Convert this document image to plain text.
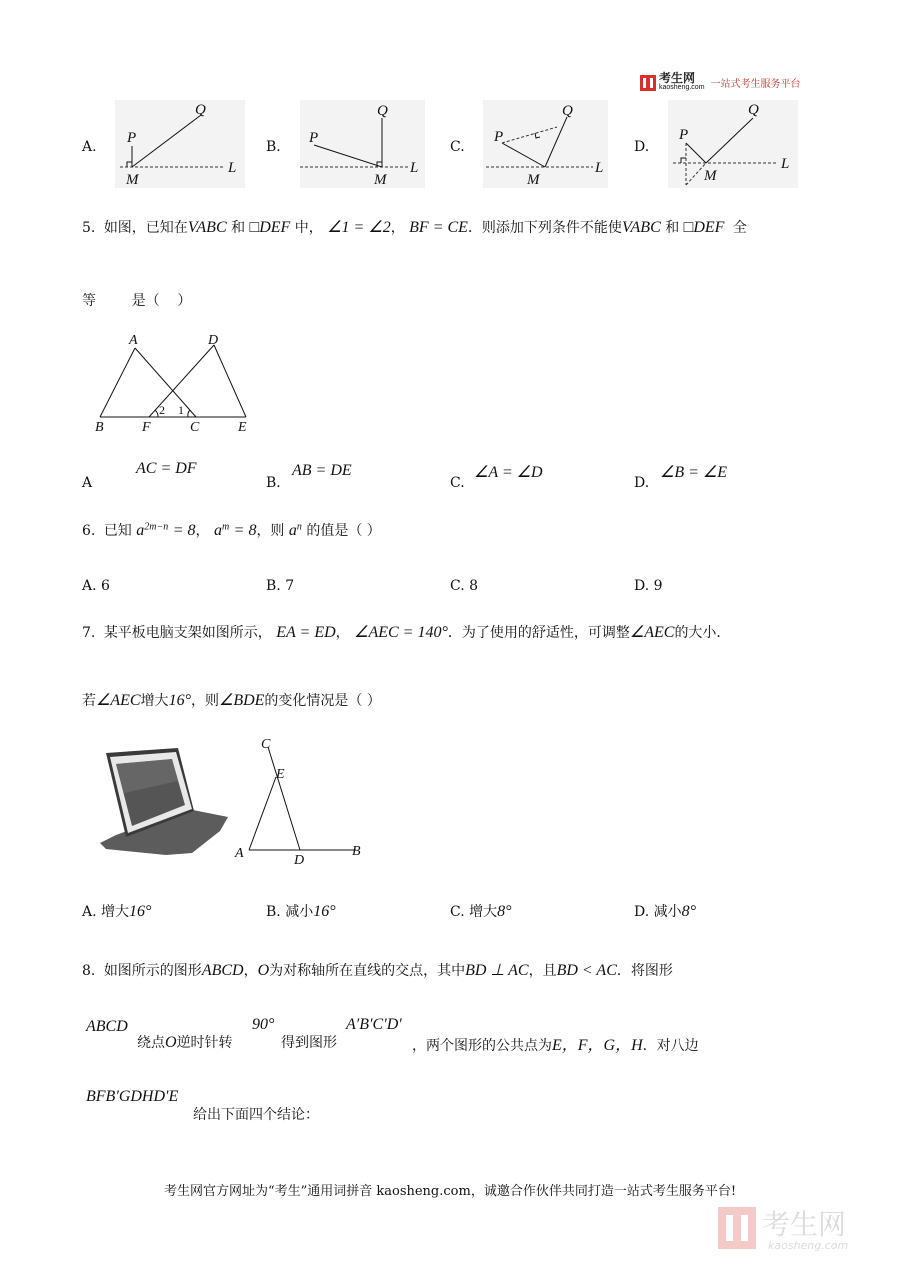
考生网
kaosheng.com 一站式考生服务平台
A.	B.	C.	D.
P
Q
M
L
P
Q
M
L
P
Q
M
L
P
Q
M
L
5. 如图，已知在VABC 和 □DEF 中， ∠1 = ∠2， BF = CE．则添加下列条件不能使VABC 和 □DEF 全
等        是（    ）
A	D
B	F	C	E
1
2
A
AC = DF
B.
AB = DE
C.
∠A = ∠D
D.
∠B = ∠E
6. 已知 $a^{2m-n} = 8$， $a^m = 8$，则 $a^n$ 的值是（ ）
A. 6	B. 7	C. 8	D. 9
7. 某平板电脑支架如图所示， EA = ED， ∠AEC = 140°．为了使用的舒适性，可调整∠AEC的大小．
若∠AEC增大16°，则∠BDE的变化情况是（ ）
C
E
A	D
B
A. 增大16°	B. 减小16°	C. 增大8°	D. 减小8°
8. 如图所示的图形ABCD，O为对称轴所在直线的交点，其中BD ⊥ AC，且BD < AC．将图形
ABCD
绕点O逆时针转
90°
得到图形
A′B′C′D′
，两个图形的公共点为E，F，G，H．对八边
BFB′GDHD′E
给出下面四个结论：
考生网官方网址为“考生”通用词拼音 kaosheng.com，诚邀合作伙伴共同打造一站式考生服务平台!
考生网
kaosheng.com
